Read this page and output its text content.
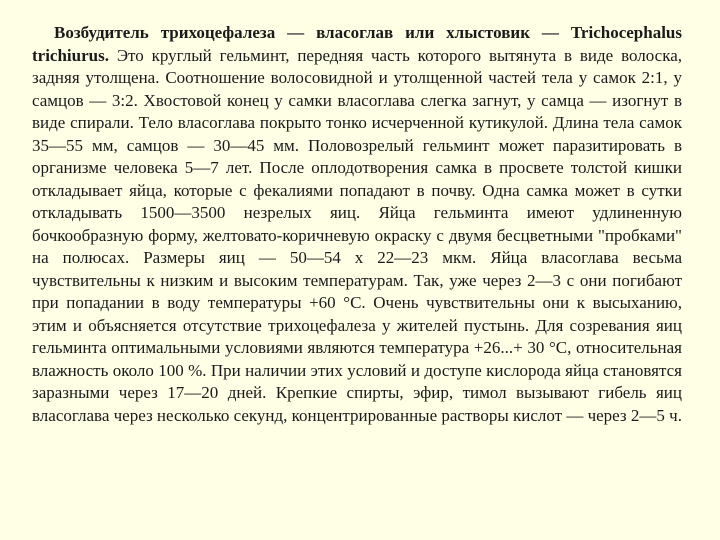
Возбудитель трихоцефалеза — власоглав или хлыстовик — Trichocephalus trichiurus. Это круглый гельминт, передняя часть которого вытянута в виде волоска, задняя утолщена. Соотношение волосовидной и утолщенной частей тела у самок 2:1, у самцов — 3:2. Хвостовой конец у самки власоглава слегка загнут, у самца — изогнут в виде спирали. Тело власоглава покрыто тонко исчерченной кутикулой. Длина тела самок 35—55 мм, самцов — 30—45 мм. Половозрелый гельминт может паразитировать в организме человека 5—7 лет. После оплодотворения самка в просвете толстой кишки откладывает яйца, которые с фекалиями попадают в почву. Одна самка может в сутки откладывать 1500—3500 незрелых яиц. Яйца гельминта имеют удлиненную бочкообразную форму, желтовато-коричневую окраску с двумя бесцветными "пробками" на полюсах. Размеры яиц — 50—54 x 22—23 мкм. Яйца власоглава весьма чувствительны к низким и высоким температурам. Так, уже через 2—3 с они погибают при попадании в воду температуры +60 °С. Очень чувствительны они к высыханию, этим и объясняется отсутствие трихоцефалеза у жителей пустынь. Для созревания яиц гельминта оптимальными условиями являются температура +26...+ 30 °С, относительная влажность около 100 %. При наличии этих условий и доступе кислорода яйца становятся заразными через 17—20 дней. Крепкие спирты, эфир, тимол вызывают гибель яиц власоглава через несколько секунд, концентрированные растворы кислот — через 2—5 ч.
